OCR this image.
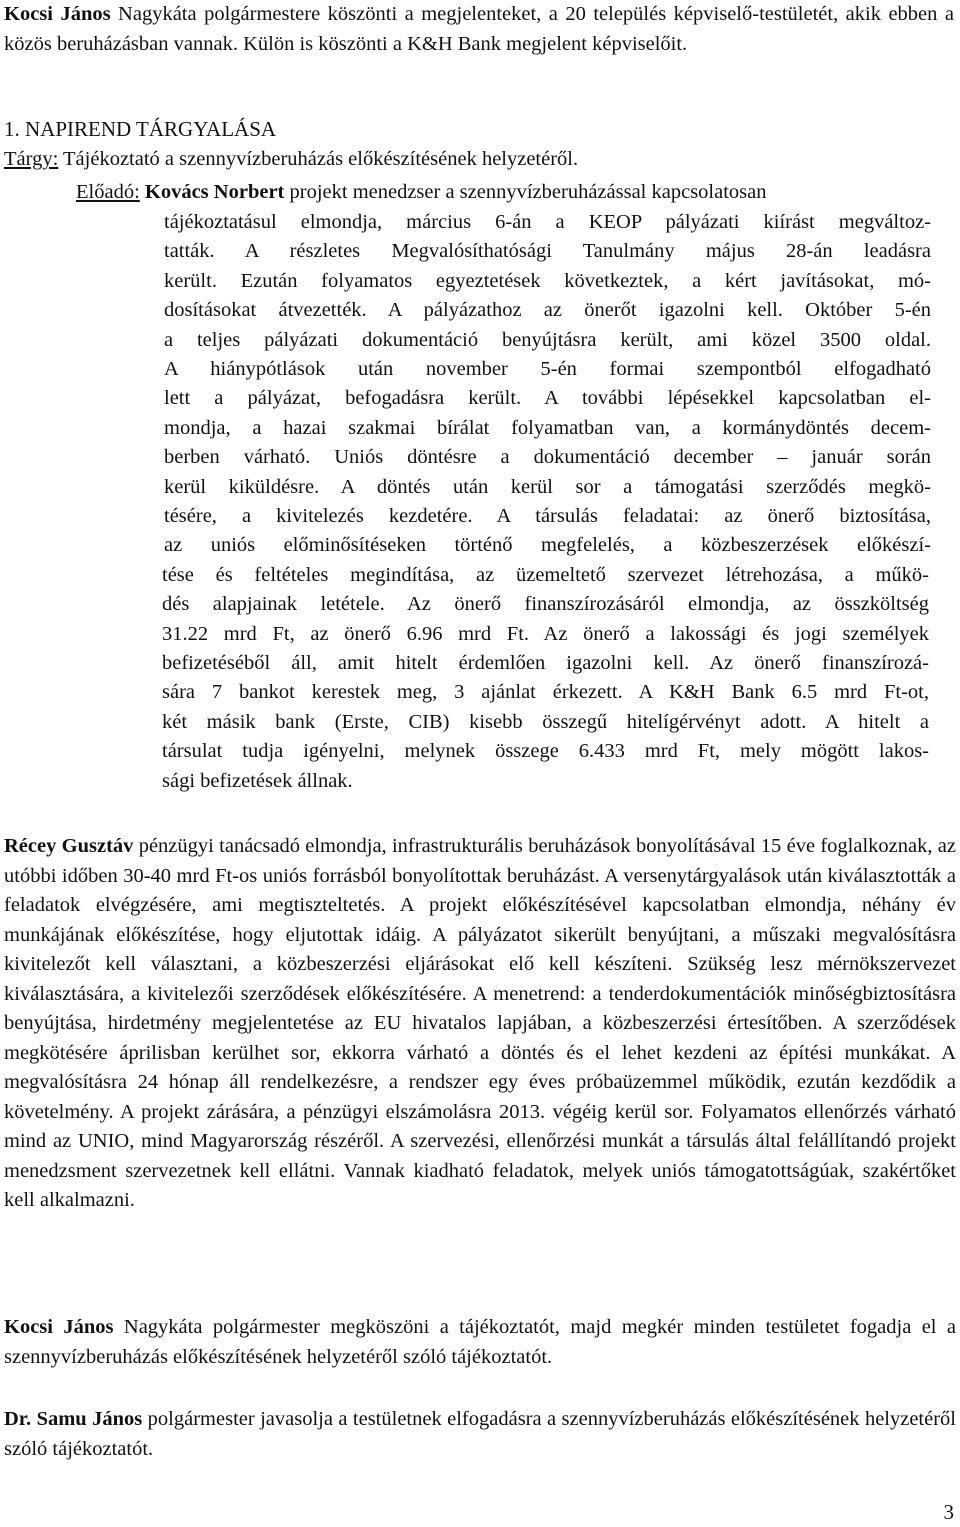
Kocsi János Nagykáta polgármestere köszönti a megjelenteket, a 20 település képviselő-testületét, akik ebben a közös beruházásban vannak. Külön is köszönti a K&H Bank megjelent képviselőit.

1. NAPIREND TÁRGYALÁSA

Tárgy: Tájékoztató a szennyvízberuházás előkészítésének helyzetéről.

Előadó: Kovács Norbert projekt menedzser a szennyvízberuházással kapcsolatosan

tájékoztatásul elmondja, március 6-án a KEOP pályázati kiírást megváltoz-

tatták. A részletes Megvalósíthatósági Tanulmány május 28-án leadásra

került. Ezután folyamatos egyeztetések következtek, a kért javításokat, mó-

dosításokat átvezették. A pályázathoz az önerőt igazolni kell. Október 5-én

a teljes pályázati dokumentáció benyújtásra került, ami közel 3500 oldal.

A hiánypótlások után november 5-én formai szempontból elfogadható

lett a pályázat, befogadásra került. A további lépésekkel kapcsolatban el-

mondja, a hazai szakmai bírálat folyamatban van, a kormánydöntés decem-

berben várható. Uniós döntésre a dokumentáció december – január során

kerül kiküldésre. A döntés után kerül sor a támogatási szerződés megkö-

tésére, a kivitelezés kezdetére. A társulás feladatai: az önerő biztosítása,

az uniós előminősítéseken történő megfelelés, a közbeszerzések előkészí-

tése és feltételes megindítása, az üzemeltető szervezet létrehozása, a műkö-

dés alapjainak letétele. Az önerő finanszírozásáról elmondja, az összköltség

31.22 mrd Ft, az önerő 6.96 mrd Ft. Az önerő a lakossági és jogi személyek

befizetéséből áll, amit hitelt érdemlően igazolni kell. Az önerő finanszírozá-

sára 7 bankot kerestek meg, 3 ajánlat érkezett. A K&H Bank 6.5 mrd Ft-ot,

két másik bank (Erste, CIB) kisebb összegű hitelígérvényt adott. A hitelt a

társulat tudja igényelni, melynek összege 6.433 mrd Ft, mely mögött lakos-

sági befizetések állnak.

Récey Gusztáv pénzügyi tanácsadó elmondja, infrastrukturális beruházások bonyolításával 15 éve foglalkoznak, az utóbbi időben 30-40 mrd Ft-os uniós forrásból bonyolítottak beruházást. A versenytárgyalások után kiválasztották a feladatok elvégzésére, ami megtiszteltetés. A projekt előkészítésével kapcsolatban elmondja, néhány év munkájának előkészítése, hogy eljutottak idáig. A pályázatot sikerült benyújtani, a műszaki megvalósításra kivitelezőt kell választani, a közbeszerzési eljárásokat elő kell készíteni. Szükség lesz mérnökszervezet kiválasztására, a kivitelezői szerződések előkészítésére. A menetrend: a tenderdokumentációk minőségbiztosításra benyújtása, hirdetmény megjelentetése az EU hivatalos lapjában, a közbeszerzési értesítőben. A szerződések megkötésére áprilisban kerülhet sor, ekkorra várható a döntés és el lehet kezdeni az építési munkákat. A megvalósításra 24 hónap áll rendelkezésre, a rendszer egy éves próbaüzemmel működik, ezután kezdődik a követelmény. A projekt zárására, a pénzügyi elszámolásra 2013. végéig kerül sor. Folyamatos ellenőrzés várható mind az UNIO, mind Magyarország részéről. A szervezési, ellenőrzési munkát a társulás által felállítandó projekt menedzsment szervezetnek kell ellátni. Vannak kiadható feladatok, melyek uniós támogatottságúak, szakértőket kell alkalmazni.

Kocsi János Nagykáta polgármester megköszöni a tájékoztatót, majd megkér minden testületet fogadja el a szennyvízberuházás előkészítésének helyzetéről szóló tájékoztatót.

Dr. Samu János polgármester javasolja a testületnek elfogadásra a szennyvízberuházás előkészítésének helyzetéről szóló tájékoztatót.

3
